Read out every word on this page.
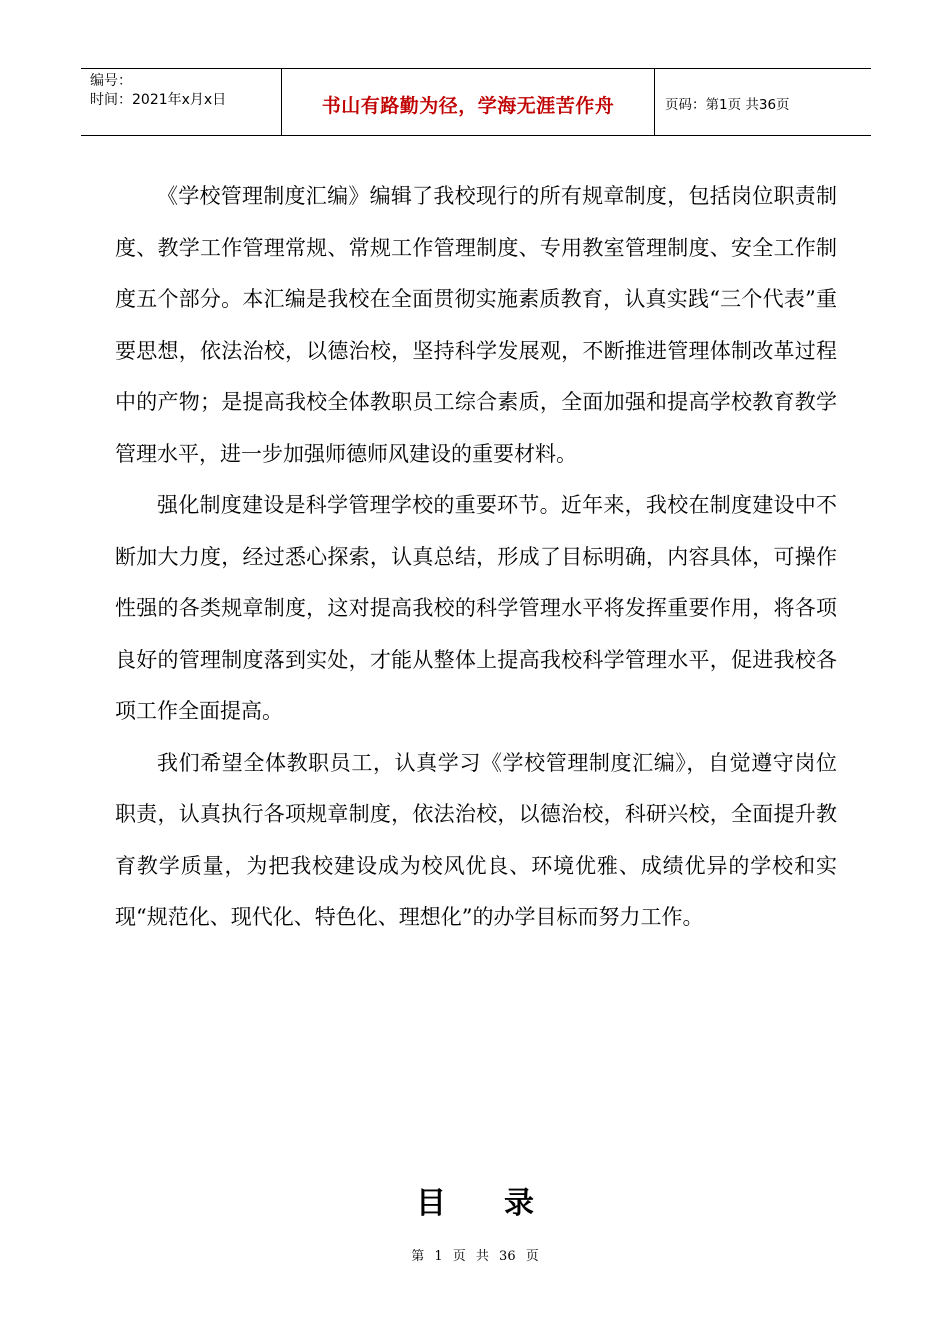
编号：
时间：2021年x月x日	书山有路勤为径，学海无涯苦作舟	页码：第1页 共36页

《学校管理制度汇编》编辑了我校现行的所有规章制度，包括岗位职责制度、教学工作管理常规、常规工作管理制度、专用教室管理制度、安全工作制度五个部分。本汇编是我校在全面贯彻实施素质教育，认真实践“三个代表”重要思想，依法治校，以德治校，坚持科学发展观，不断推进管理体制改革过程中的产物；是提高我校全体教职员工综合素质，全面加强和提高学校教育教学管理水平，进一步加强师德师风建设的重要材料。

强化制度建设是科学管理学校的重要环节。近年来，我校在制度建设中不断加大力度，经过悉心探索，认真总结，形成了目标明确，内容具体，可操作性强的各类规章制度，这对提高我校的科学管理水平将发挥重要作用，将各项良好的管理制度落到实处，才能从整体上提高我校科学管理水平，促进我校各项工作全面提高。

我们希望全体教职员工，认真学习《学校管理制度汇编》，自觉遵守岗位职责，认真执行各项规章制度，依法治校，以德治校，科研兴校，全面提升教育教学质量，为把我校建设成为校风优良、环境优雅、成绩优异的学校和实现“规范化、现代化、特色化、理想化”的办学目标而努力工作。

目录
第 1 页 共 36 页
